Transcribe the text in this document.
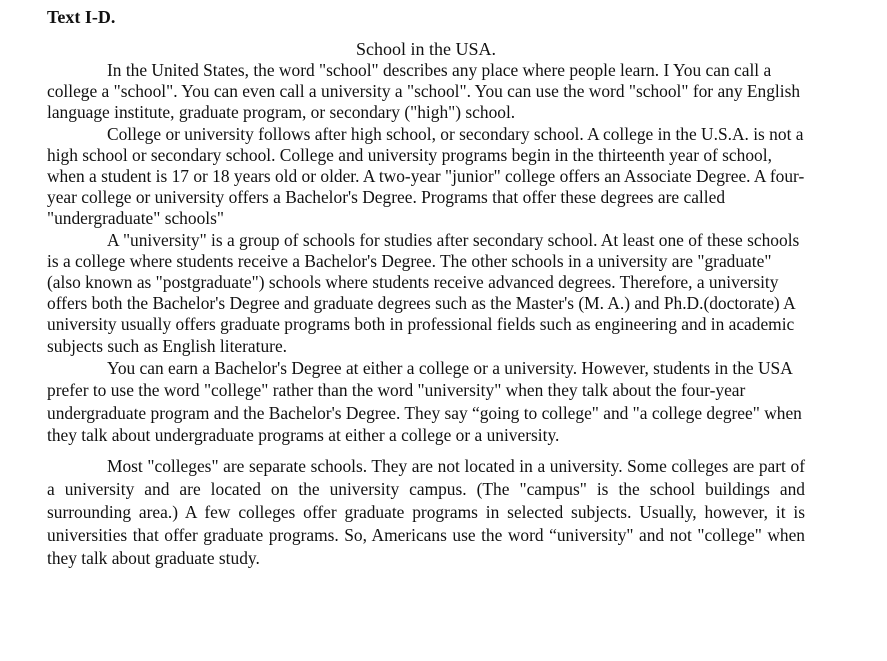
Text I-D.

School in the USA.

In the United States, the word "school" describes any place where people learn. I You can call a college a "school". You can even call a university a "school". You can use the word "school" for any English language institute, graduate program, or secondary ("high") school.

College or university follows after high school, or secondary school. A college in the U.S.A. is not a high school or secondary school. College and university programs begin in the thirteenth year of school, when a student is 17 or 18 years old or older. A two-year "junior" college offers an Associate Degree. A four-year college or university offers a Bachelor's Degree. Programs that offer these degrees are called "undergraduate" schools"

A "university" is a group of schools for studies after secondary school. At least one of these schools is a college where students receive a Bachelor's Degree. The other schools in a university are "graduate" (also known as "postgraduate") schools where students receive advanced degrees. Therefore, a university offers both the Bachelor's Degree and graduate degrees such as the Master's (M. A.) and Ph.D.(doctorate) A university usually offers graduate programs both in professional fields such as engineering and in academic subjects such as English literature.

You can earn a Bachelor's Degree at either a college or a university. However, students in the USA prefer to use the word "college" rather than the word "university" when they talk about the four-year undergraduate program and the Bachelor's Degree. They say “going to college" and "a college degree" when they talk about undergraduate programs at either a college or a university.

Most "colleges" are separate schools. They are not located in a university. Some colleges are part of a university and are located on the university campus. (The "campus" is the school buildings and surrounding area.) A few colleges offer graduate programs in selected subjects. Usually, however, it is universities that offer graduate programs. So, Americans use the word “university" and not "college" when they talk about graduate study.
